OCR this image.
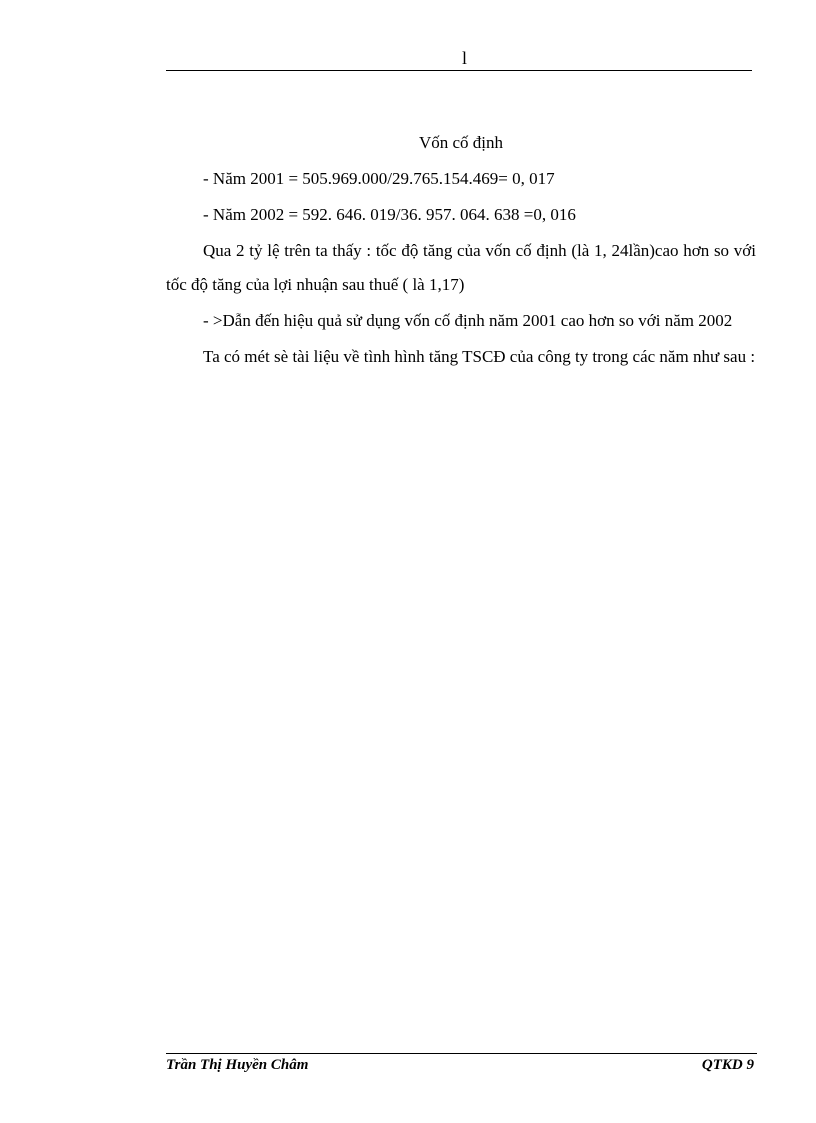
l

Vốn cố định

- Năm 2001 = 505.969.000/29.765.154.469= 0, 017

- Năm 2002 = 592. 646. 019/36. 957. 064. 638 =0, 016

Qua 2 tỷ lệ trên ta thấy : tốc độ tăng của vốn cố định (là 1, 24lần)cao hơn so với tốc độ tăng của lợi nhuận sau thuế ( là 1,17)

- >Dẫn đến hiệu quả sử dụng vốn cố định năm 2001 cao hơn so với năm 2002

Ta có mét sè tài liệu về tình hình tăng TSCĐ của công ty trong các năm như sau :

Trần Thị Huyền Châm	QTKD 9
